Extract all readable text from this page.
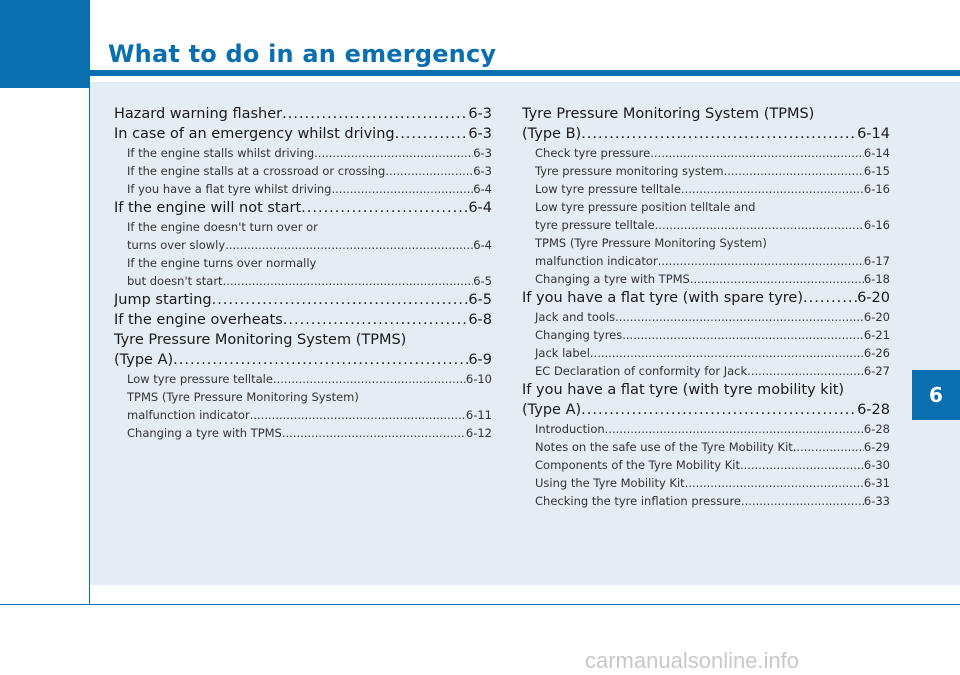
What to do in an emergency
6
carmanualsonline.info
Hazard warning flasher .....	6-3
In case of an emergency whilst driving .....	6-3
If the engine stalls whilst driving .....	6-3
If the engine stalls at a crossroad or crossing .....	6-3
If you have a flat tyre whilst driving .....	6-4
If the engine will not start .....	6-4
If the engine doesn't turn over or
turns over slowly .....	6-4
If the engine turns over normally
but doesn't start .....	6-5
Jump starting .....	6-5
If the engine overheats .....	6-8
Tyre Pressure Monitoring System (TPMS)
(Type A) .....	6-9
Low tyre pressure telltale .....	6-10
TPMS (Tyre Pressure Monitoring System)
malfunction indicator .....	6-11
Changing a tyre with TPMS .....	6-12
Tyre Pressure Monitoring System (TPMS)
(Type B) .....	6-14
Check tyre pressure .....	6-14
Tyre pressure monitoring system .....	6-15
Low tyre pressure telltale .....	6-16
Low tyre pressure position telltale and
tyre pressure telltale .....	6-16
TPMS (Tyre Pressure Monitoring System)
malfunction indicator .....	6-17
Changing a tyre with TPMS .....	6-18
If you have a flat tyre (with spare tyre) .....	6-20
Jack and tools .....	6-20
Changing tyres .....	6-21
Jack label .....	6-26
EC Declaration of conformity for Jack .....	6-27
If you have a flat tyre (with tyre mobility kit)
(Type A) .....	6-28
Introduction .....	6-28
Notes on the safe use of the Tyre Mobility Kit .....	6-29
Components of the Tyre Mobility Kit .....	6-30
Using the Tyre Mobility Kit .....	6-31
Checking the tyre inflation pressure .....	6-33
